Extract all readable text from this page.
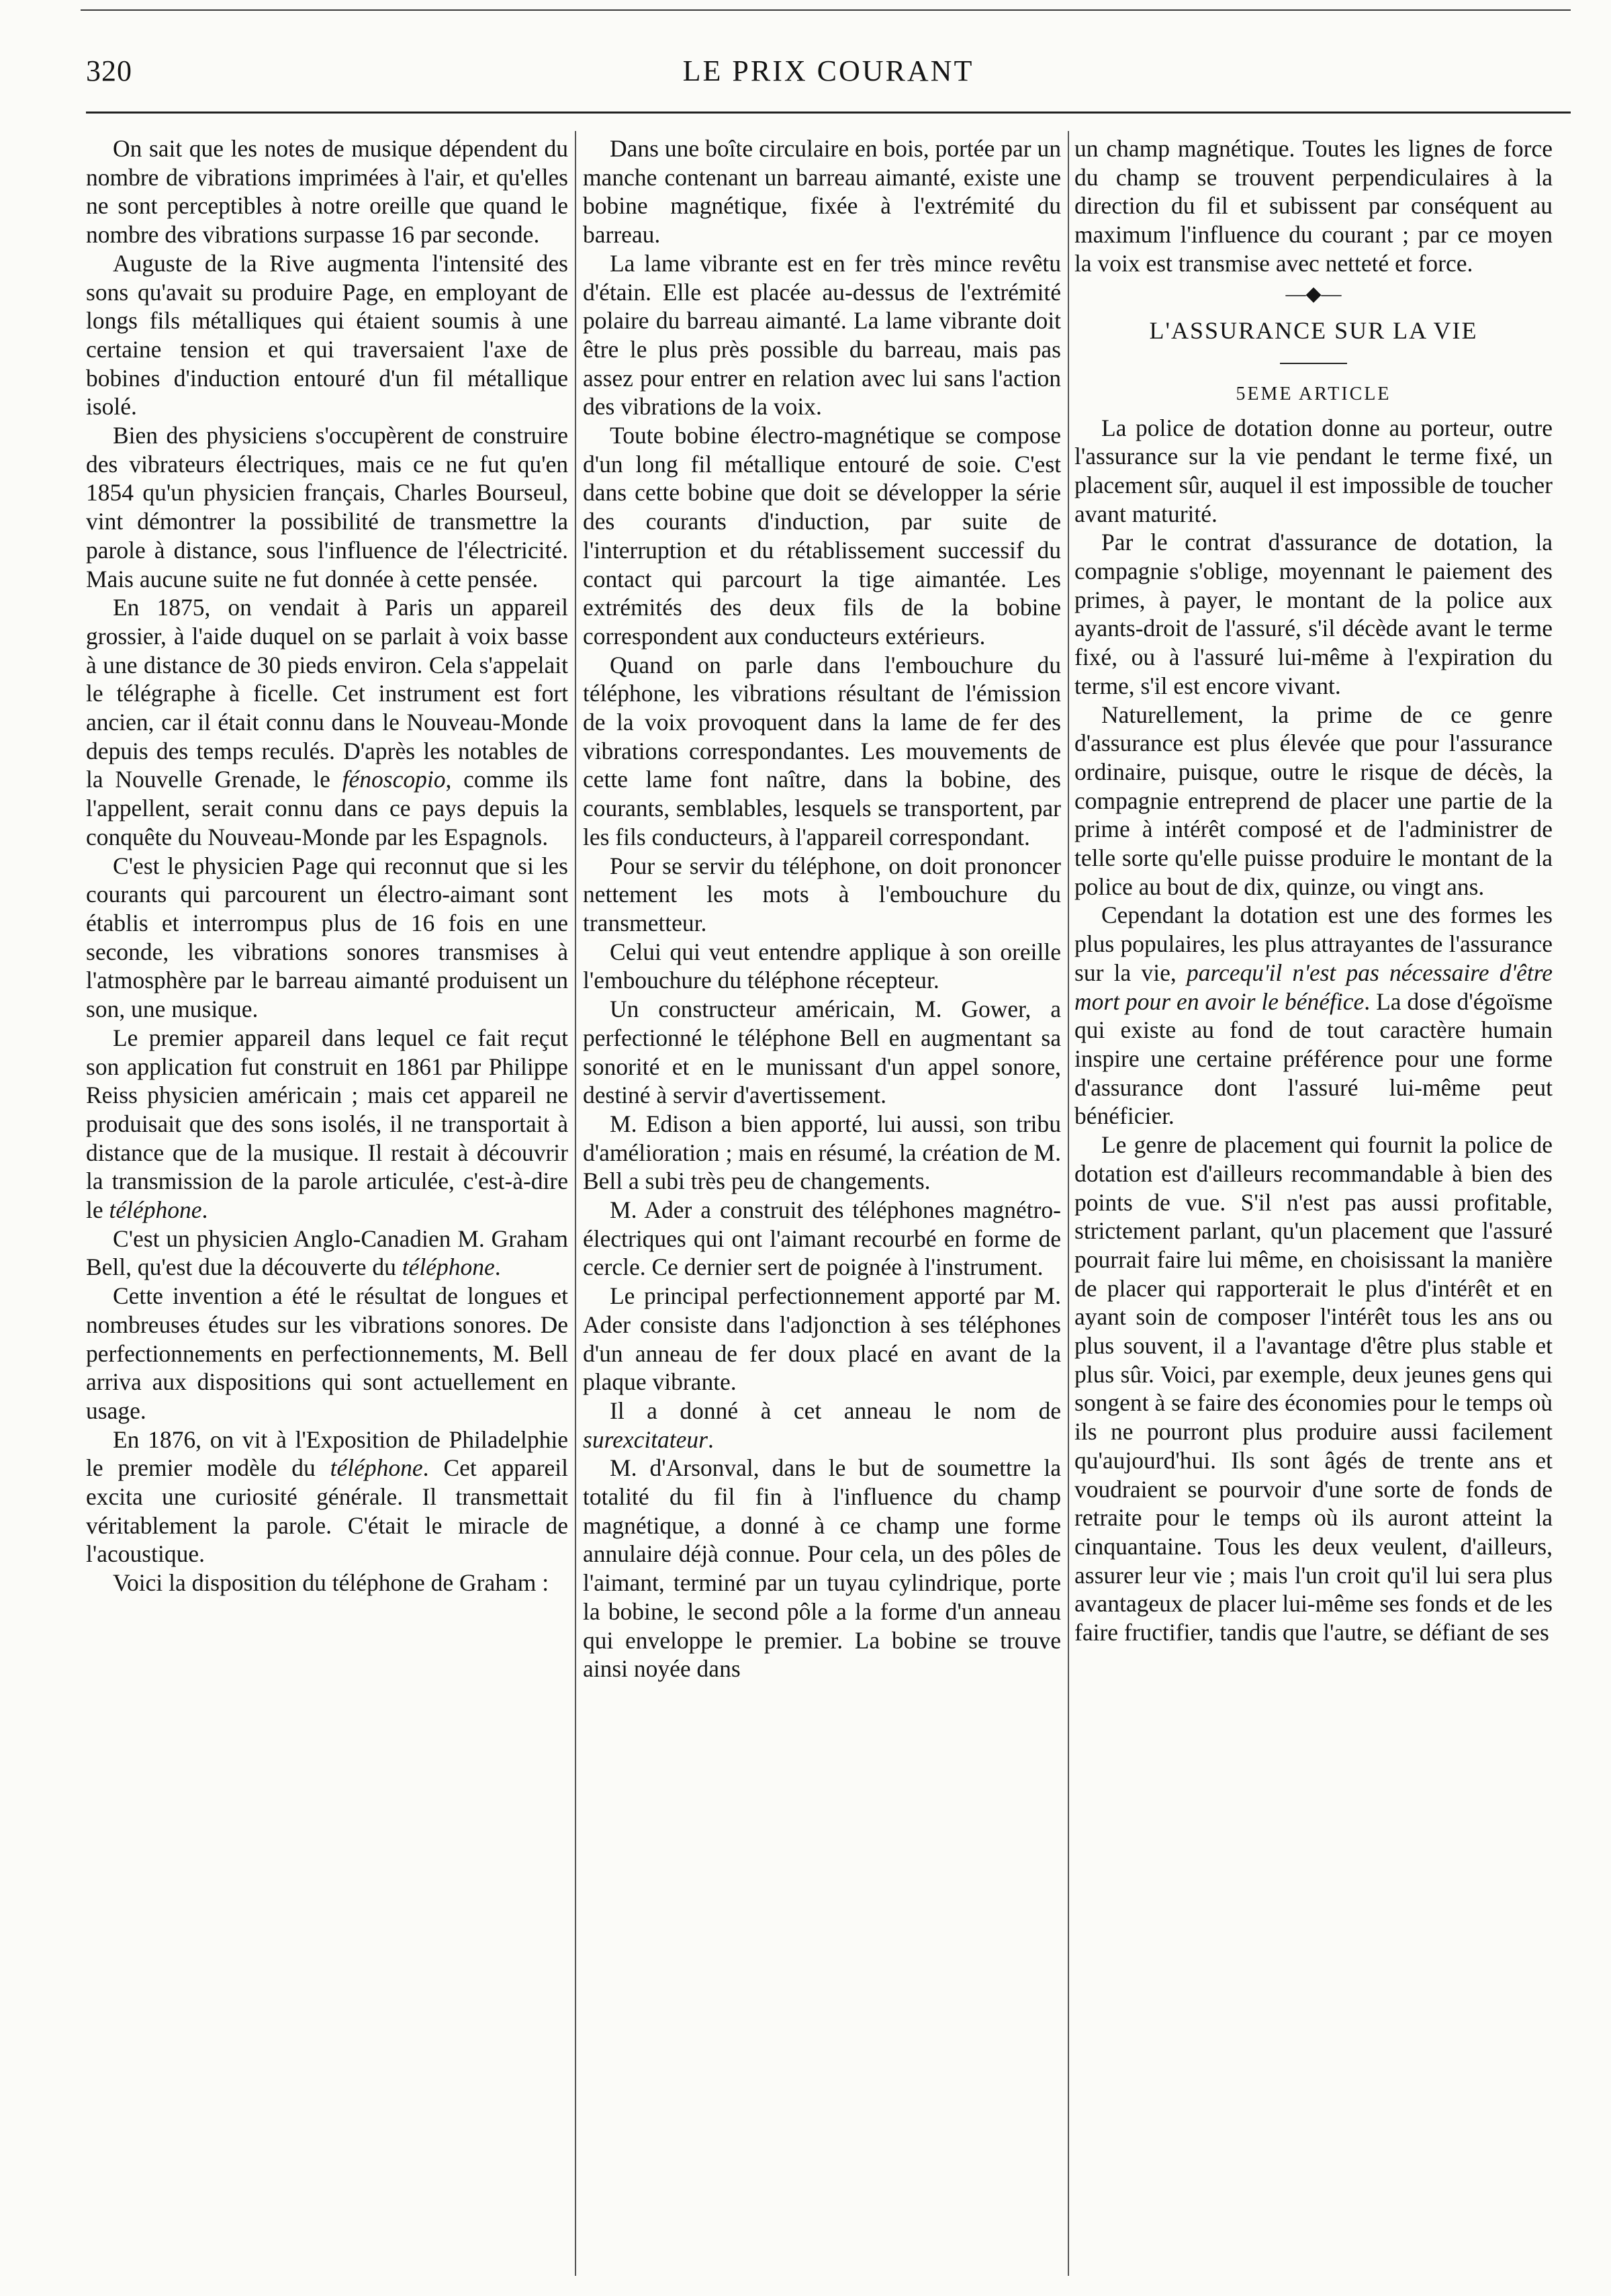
320	LE PRIX COURANT

On sait que les notes de musique dépendent du nombre de vibrations imprimées à l'air, et qu'elles ne sont perceptibles à notre oreille que quand le nombre des vibrations surpasse 16 par seconde.

Auguste de la Rive augmenta l'intensité des sons qu'avait su produire Page, en employant de longs fils métalliques qui étaient soumis à une certaine tension et qui traversaient l'axe de bobines d'induction entouré d'un fil métallique isolé.

Bien des physiciens s'occupèrent de construire des vibrateurs électriques, mais ce ne fut qu'en 1854 qu'un physicien français, Charles Bourseul, vint démontrer la possibilité de transmettre la parole à distance, sous l'influence de l'électricité. Mais aucune suite ne fut donnée à cette pensée.

En 1875, on vendait à Paris un appareil grossier, à l'aide duquel on se parlait à voix basse à une distance de 30 pieds environ. Cela s'appelait le télégraphe à ficelle. Cet instrument est fort ancien, car il était connu dans le Nouveau-Monde depuis des temps reculés. D'après les notables de la Nouvelle Grenade, le fénoscopio, comme ils l'appellent, serait connu dans ce pays depuis la conquête du Nouveau-Monde par les Espagnols.

C'est le physicien Page qui reconnut que si les courants qui parcourent un électro-aimant sont établis et interrompus plus de 16 fois en une seconde, les vibrations sonores transmises à l'atmosphère par le barreau aimanté produisent un son, une musique.

Le premier appareil dans lequel ce fait reçut son application fut construit en 1861 par Philippe Reiss physicien américain ; mais cet appareil ne produisait que des sons isolés, il ne transportait à distance que de la musique. Il restait à découvrir la transmission de la parole articulée, c'est-à-dire le téléphone.

C'est un physicien Anglo-Canadien M. Graham Bell, qu'est due la découverte du téléphone.

Cette invention a été le résultat de longues et nombreuses études sur les vibrations sonores. De perfectionnements en perfectionnements, M. Bell arriva aux dispositions qui sont actuellement en usage.

En 1876, on vit à l'Exposition de Philadelphie le premier modèle du téléphone. Cet appareil excita une curiosité générale. Il transmettait véritablement la parole. C'était le miracle de l'acoustique.

Voici la disposition du téléphone de Graham :

Dans une boîte circulaire en bois, portée par un manche contenant un barreau aimanté, existe une bobine magnétique, fixée à l'extrémité du barreau.

La lame vibrante est en fer très mince revêtu d'étain. Elle est placée au-dessus de l'extrémité polaire du barreau aimanté. La lame vibrante doit être le plus près possible du barreau, mais pas assez pour entrer en relation avec lui sans l'action des vibrations de la voix.

Toute bobine électro-magnétique se compose d'un long fil métallique entouré de soie. C'est dans cette bobine que doit se développer la série des courants d'induction, par suite de l'interruption et du rétablissement successif du contact qui parcourt la tige aimantée. Les extrémités des deux fils de la bobine correspondent aux conducteurs extérieurs.

Quand on parle dans l'embouchure du téléphone, les vibrations résultant de l'émission de la voix provoquent dans la lame de fer des vibrations correspondantes. Les mouvements de cette lame font naître, dans la bobine, des courants, semblables, lesquels se transportent, par les fils conducteurs, à l'appareil correspondant.

Pour se servir du téléphone, on doit prononcer nettement les mots à l'embouchure du transmetteur.

Celui qui veut entendre applique à son oreille l'embouchure du téléphone récepteur.

Un constructeur américain, M. Gower, a perfectionné le téléphone Bell en augmentant sa sonorité et en le munissant d'un appel sonore, destiné à servir d'avertissement.

M. Edison a bien apporté, lui aussi, son tribu d'amélioration ; mais en résumé, la création de M. Bell a subi très peu de changements.

M. Ader a construit des téléphones magnétro-électriques qui ont l'aimant recourbé en forme de cercle. Ce dernier sert de poignée à l'instrument.

Le principal perfectionnement apporté par M. Ader consiste dans l'adjonction à ses téléphones d'un anneau de fer doux placé en avant de la plaque vibrante.

Il a donné à cet anneau le nom de surexcitateur.

M. d'Arsonval, dans le but de soumettre la totalité du fil fin à l'influence du champ magnétique, a donné à ce champ une forme annulaire déjà connue. Pour cela, un des pôles de l'aimant, terminé par un tuyau cylindrique, porte la bobine, le second pôle a la forme d'un anneau qui enveloppe le premier. La bobine se trouve ainsi noyée dans

un champ magnétique. Toutes les lignes de force du champ se trouvent perpendiculaires à la direction du fil et subissent par conséquent au maximum l'influence du courant ; par ce moyen la voix est transmise avec netteté et force.

—◆—
L'ASSURANCE SUR LA VIE
5EME ARTICLE

La police de dotation donne au porteur, outre l'assurance sur la vie pendant le terme fixé, un placement sûr, auquel il est impossible de toucher avant maturité.

Par le contrat d'assurance de dotation, la compagnie s'oblige, moyennant le paiement des primes, à payer, le montant de la police aux ayants-droit de l'assuré, s'il décède avant le terme fixé, ou à l'assuré lui-même à l'expiration du terme, s'il est encore vivant.

Naturellement, la prime de ce genre d'assurance est plus élevée que pour l'assurance ordinaire, puisque, outre le risque de décès, la compagnie entreprend de placer une partie de la prime à intérêt composé et de l'administrer de telle sorte qu'elle puisse produire le montant de la police au bout de dix, quinze, ou vingt ans.

Cependant la dotation est une des formes les plus populaires, les plus attrayantes de l'assurance sur la vie, parcequ'il n'est pas nécessaire d'être mort pour en avoir le bénéfice. La dose d'égoïsme qui existe au fond de tout caractère humain inspire une certaine préférence pour une forme d'assurance dont l'assuré lui-même peut bénéficier.

Le genre de placement qui fournit la police de dotation est d'ailleurs recommandable à bien des points de vue. S'il n'est pas aussi profitable, strictement parlant, qu'un placement que l'assuré pourrait faire lui même, en choisissant la manière de placer qui rapporterait le plus d'intérêt et en ayant soin de composer l'intérêt tous les ans ou plus souvent, il a l'avantage d'être plus stable et plus sûr. Voici, par exemple, deux jeunes gens qui songent à se faire des économies pour le temps où ils ne pourront plus produire aussi facilement qu'aujourd'hui. Ils sont âgés de trente ans et voudraient se pourvoir d'une sorte de fonds de retraite pour le temps où ils auront atteint la cinquantaine. Tous les deux veulent, d'ailleurs, assurer leur vie ; mais l'un croit qu'il lui sera plus avantageux de placer lui-même ses fonds et de les faire fructifier, tandis que l'autre, se défiant de ses
